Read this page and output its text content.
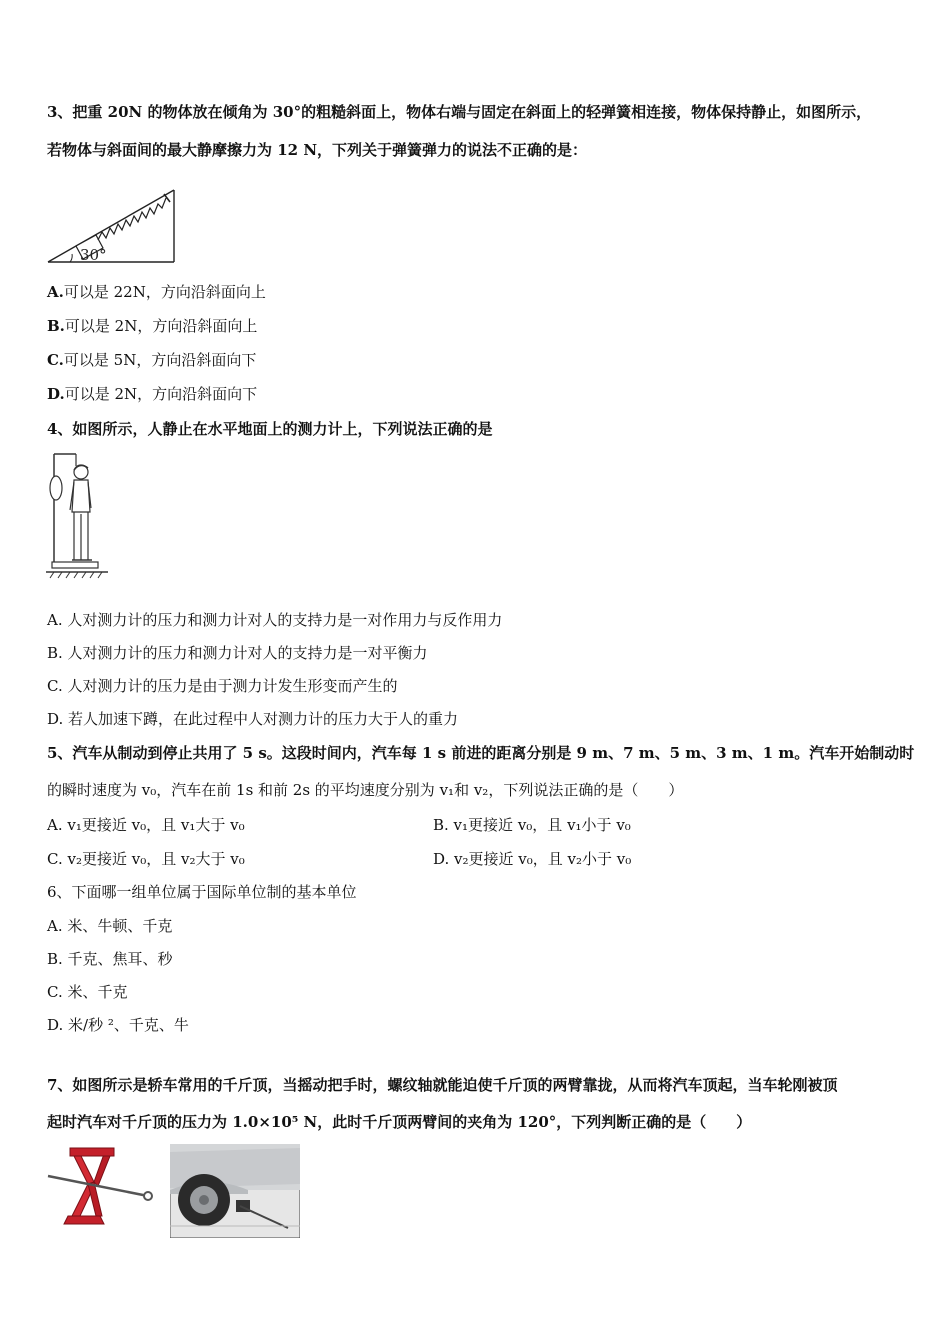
3、把重 20N 的物体放在倾角为 30°的粗糙斜面上，物体右端与固定在斜面上的轻弹簧相连接，物体保持静止，如图所示，
若物体与斜面间的最大静摩擦力为 12 N，下列关于弹簧弹力的说法不正确的是：
30°
A.可以是 22N，方向沿斜面向上
B.可以是 2N，方向沿斜面向上
C.可以是 5N，方向沿斜面向下
D.可以是 2N，方向沿斜面向下
4、如图所示，人静止在水平地面上的测力计上，下列说法正确的是
A. 人对测力计的压力和测力计对人的支持力是一对作用力与反作用力
B. 人对测力计的压力和测力计对人的支持力是一对平衡力
C. 人对测力计的压力是由于测力计发生形变而产生的
D. 若人加速下蹲，在此过程中人对测力计的压力大于人的重力
5、汽车从制动到停止共用了 5 s。这段时间内，汽车每 1 s 前进的距离分别是 9 m、7 m、5 m、3 m、1 m。汽车开始制动时
的瞬时速度为 v₀，汽车在前 1s 和前 2s 的平均速度分别为 v₁和 v₂，下列说法正确的是（　　）
A. v₁更接近 v₀，且 v₁大于 v₀	B. v₁更接近 v₀，且 v₁小于 v₀
C. v₂更接近 v₀，且 v₂大于 v₀	D. v₂更接近 v₀，且 v₂小于 v₀
6、下面哪一组单位属于国际单位制的基本单位
A. 米、牛顿、千克
B. 千克、焦耳、秒
C. 米、千克
D. 米/秒 ²、千克、牛
7、如图所示是轿车常用的千斤顶，当摇动把手时，螺纹轴就能迫使千斤顶的两臂靠拢，从而将汽车顶起，当车轮刚被顶
起时汽车对千斤顶的压力为 1.0×10⁵ N，此时千斤顶两臂间的夹角为 120°，下列判断正确的是（　　）
